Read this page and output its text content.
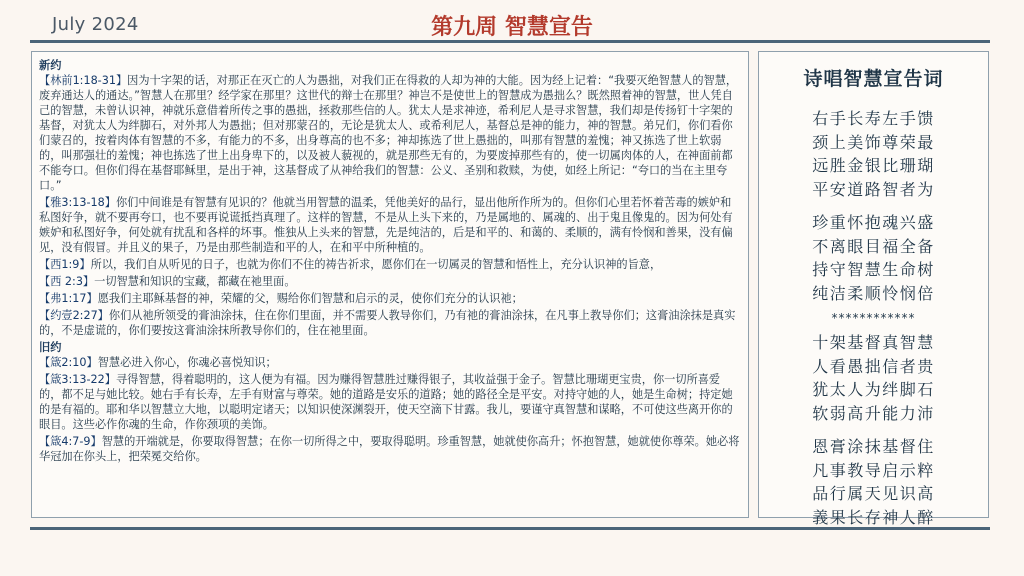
July 2024	第九周 智慧宣告
新约

【林前1:18-31】因为十字架的话，对那正在灭亡的人为愚拙，对我们正在得救的人却为神的大能。因为经上记着：“我要灭绝智慧人的智慧，废弃通达人的通达。”智慧人在那里？经学家在那里？这世代的辩士在那里？神岂不是使世上的智慧成为愚拙么？既然照着神的智慧，世人凭自己的智慧，未曾认识神，神就乐意借着所传之事的愚拙，拯救那些信的人。犹太人是求神迹，希利尼人是寻求智慧，我们却是传扬钉十字架的基督，对犹太人为绊脚石，对外邦人为愚拙；但对那蒙召的，无论是犹太人、或希利尼人，基督总是神的能力，神的智慧。弟兄们，你们看你们蒙召的，按着肉体有智慧的不多，有能力的不多，出身尊高的也不多；神却拣选了世上愚拙的，叫那有智慧的羞愧；神又拣选了世上软弱的，叫那强壮的羞愧；神也拣选了世上出身卑下的，以及被人藐视的，就是那些无有的，为要废掉那些有的，使一切属肉体的人，在神面前都不能夸口。但你们得在基督耶稣里，是出于神，这基督成了从神给我们的智慧：公义、圣别和救赎，为使，如经上所记：“夸口的当在主里夸口。”

【雅3:13-18】你们中间谁是有智慧有见识的？他就当用智慧的温柔，凭他美好的品行，显出他所作所为的。但你们心里若怀着苦毒的嫉妒和私图好争，就不要再夸口，也不要再说谎抵挡真理了。这样的智慧，不是从上头下来的，乃是属地的、属魂的、出于鬼且像鬼的。因为何处有嫉妒和私图好争，何处就有扰乱和各样的坏事。惟独从上头来的智慧，先是纯洁的，后是和平的、和蔼的、柔顺的，满有怜悯和善果，没有偏见，没有假冒。并且义的果子，乃是由那些制造和平的人，在和平中所种植的。

【西1:9】所以，我们自从听见的日子，也就为你们不住的祷告祈求，愿你们在一切属灵的智慧和悟性上，充分认识神的旨意，

【西 2:3】一切智慧和知识的宝藏，都藏在祂里面。

【弗1:17】愿我们主耶稣基督的神，荣耀的父，赐给你们智慧和启示的灵，使你们充分的认识祂；

【约壹2:27】你们从祂所领受的膏油涂抹，住在你们里面，并不需要人教导你们，乃有祂的膏油涂抹，在凡事上教导你们；这膏油涂抹是真实的，不是虚谎的，你们要按这膏油涂抹所教导你们的，住在祂里面。

旧约

【箴2:10】智慧必进入你心，你魂必喜悦知识；

【箴3:13-22】寻得智慧，得着聪明的，这人便为有福。因为赚得智慧胜过赚得银子，其收益强于金子。智慧比珊瑚更宝贵，你一切所喜爱的，都不足与她比较。她右手有长寿，左手有财富与尊荣。她的道路是安乐的道路；她的路径全是平安。对持守她的人，她是生命树；持定她的是有福的。耶和华以智慧立大地，以聪明定诸天；以知识使深渊裂开，使天空滴下甘露。我儿，要谨守真智慧和谋略，不可使这些离开你的眼目。这些必作你魂的生命，作你颈项的美饰。

【箴4:7-9】智慧的开端就是，你要取得智慧；在你一切所得之中，要取得聪明。珍重智慧，她就使你高升；怀抱智慧，她就使你尊荣。她必将华冠加在你头上，把荣冕交给你。

诗唱智慧宣告词
右手长寿左手馈
颈上美饰尊荣最
远胜金银比珊瑚
平安道路智者为
珍重怀抱魂兴盛
不离眼目福全备
持守智慧生命树
纯洁柔顺怜悯倍
************
十架基督真智慧
人看愚拙信者贵
犹太人为绊脚石
软弱高升能力沛
恩膏涂抹基督住
凡事教导启示粹
品行属天见识高
義果长存神人醉
